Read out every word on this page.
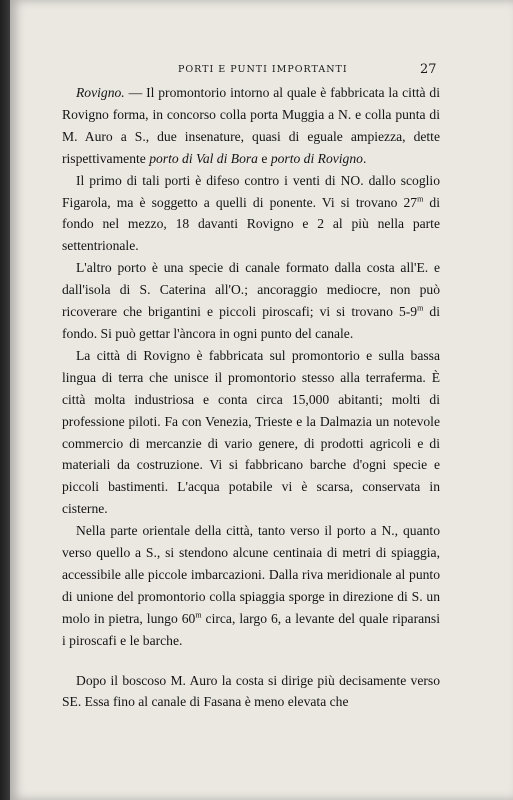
PORTI E PUNTI IMPORTANTI	27

Rovigno. — Il promontorio intorno al quale è fabbricata la città di Rovigno forma, in concorso colla porta Muggia a N. e colla punta di M. Auro a S., due insenature, quasi di eguale ampiezza, dette rispettivamente porto di Val di Bora e porto di Rovigno.

Il primo di tali porti è difeso contro i venti di NO. dallo scoglio Figarola, ma è soggetto a quelli di ponente. Vi si trovano 27$^m$ di fondo nel mezzo, 18 davanti Rovigno e 2 al più nella parte settentrionale.

L'altro porto è una specie di canale formato dalla costa all'E. e dall'isola di S. Caterina all'O.; ancoraggio mediocre, non può ricoverare che brigantini e piccoli piroscafi; vi si trovano 5-9$^m$ di fondo. Si può gettar l'àncora in ogni punto del canale.

La città di Rovigno è fabbricata sul promontorio e sulla bassa lingua di terra che unisce il promontorio stesso alla terraferma. È città molta industriosa e conta circa 15,000 abitanti; molti di professione piloti. Fa con Venezia, Trieste e la Dalmazia un notevole commercio di mercanzie di vario genere, di prodotti agricoli e di materiali da costruzione. Vi si fabbricano barche d'ogni specie e piccoli bastimenti. L'acqua potabile vi è scarsa, conservata in cisterne.

Nella parte orientale della città, tanto verso il porto a N., quanto verso quello a S., si stendono alcune centinaia di metri di spiaggia, accessibile alle piccole imbarcazioni. Dalla riva meridionale al punto di unione del promontorio colla spiaggia sporge in direzione di S. un molo in pietra, lungo 60$^m$ circa, largo 6, a levante del quale riparansi i piroscafi e le barche.

Dopo il boscoso M. Auro la costa si dirige più decisamente verso SE. Essa fino al canale di Fasana è meno elevata che
